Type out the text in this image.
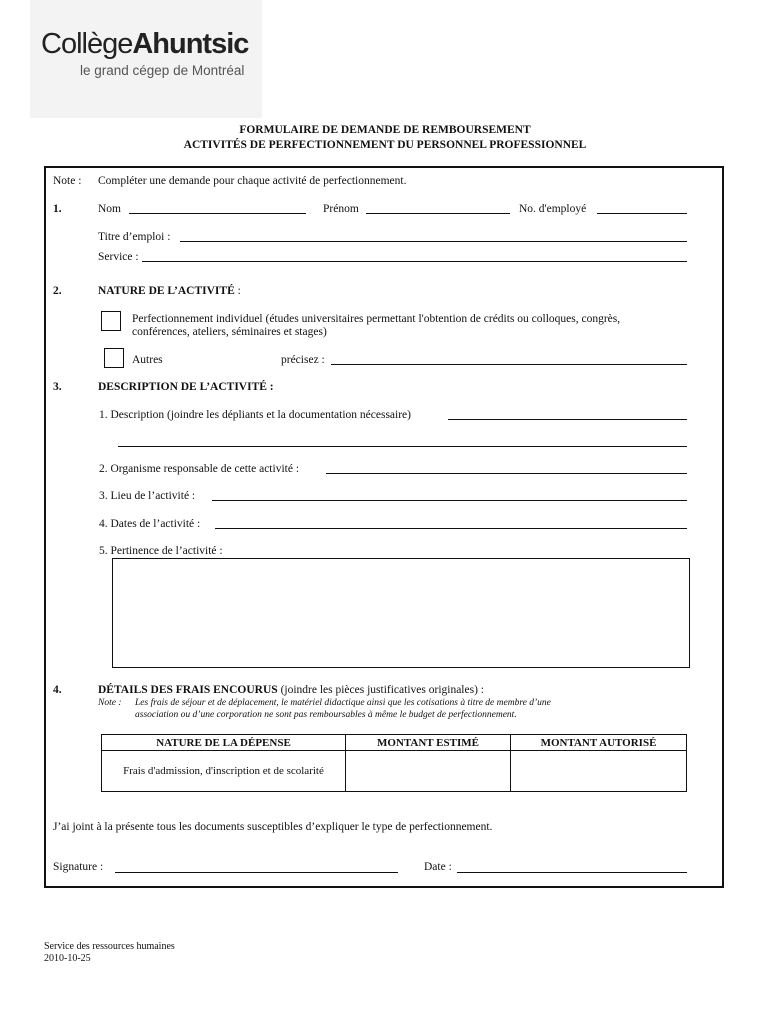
CollègeAhuntsic
le grand cégep de Montréal
FORMULAIRE DE DEMANDE DE REMBOURSEMENT
ACTIVITÉS DE PERFECTIONNEMENT DU PERSONNEL PROFESSIONNEL
Note : Compléter une demande pour chaque activité de perfectionnement.
1.	Nom	Prénom	No. d'employé
Titre d’emploi :
Service :
2.	NATURE DE L’ACTIVITÉ :
Perfectionnement individuel (études universitaires permettant l'obtention de crédits ou colloques, congrès,
conférences, ateliers, séminaires et stages)
Autres	précisez :
3.	DESCRIPTION DE L’ACTIVITÉ :
1. Description (joindre les dépliants et la documentation nécessaire)
2. Organisme responsable de cette activité :
3. Lieu de l’activité :
4. Dates de l’activité :
5. Pertinence de l’activité :
4.	DÉTAILS DES FRAIS ENCOURUS (joindre les pièces justificatives originales) :
Note : Les frais de séjour et de déplacement, le matériel didactique ainsi que les cotisations à titre de membre d’une
association ou d’une corporation ne sont pas remboursables à même le budget de perfectionnement.
NATURE DE LA DÉPENSE	MONTANT ESTIMÉ	MONTANT AUTORISÉ
Frais d'admission, d'inscription et de scolarité		
J’ai joint à la présente tous les documents susceptibles d’expliquer le type de perfectionnement.
Signature :	Date :
Service des ressources humaines
2010-10-25
